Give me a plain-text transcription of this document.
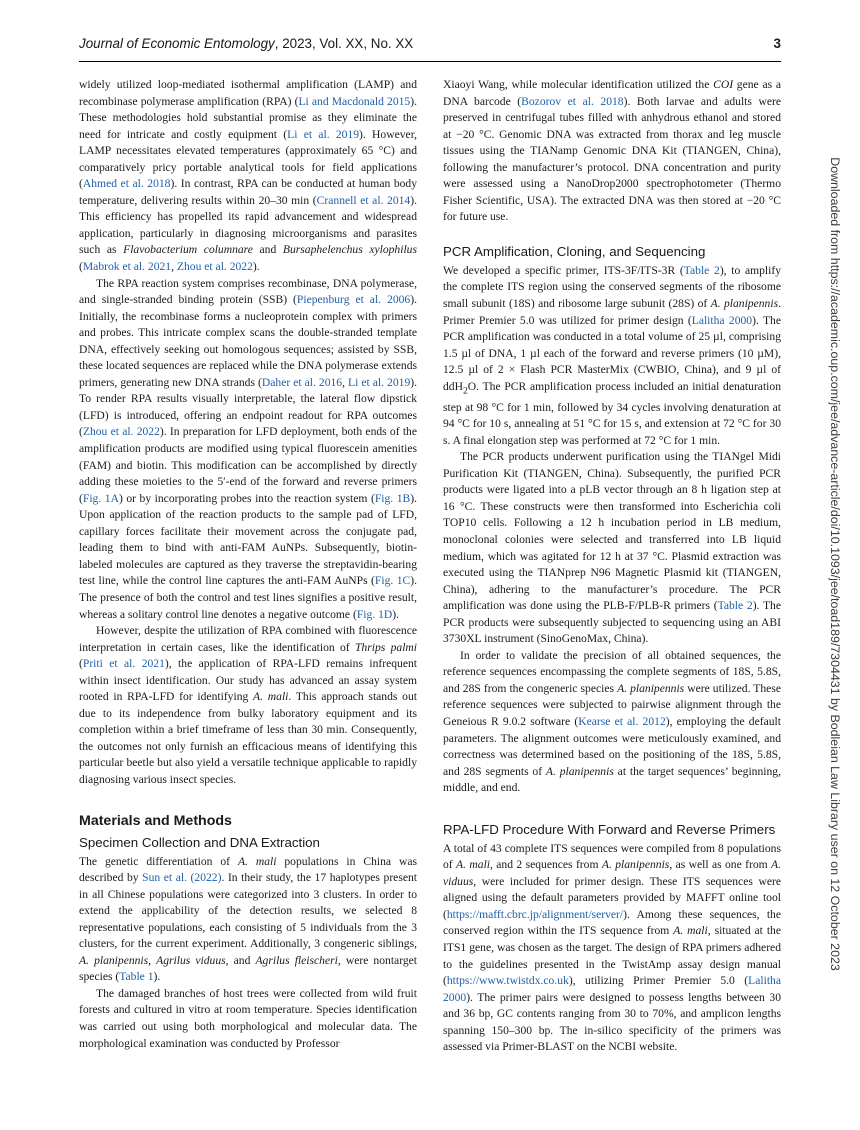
Journal of Economic Entomology, 2023, Vol. XX, No. XX	3

widely utilized loop-mediated isothermal amplification (LAMP) and recombinase polymerase amplification (RPA) (Li and Macdonald 2015). These methodologies hold substantial promise as they eliminate the need for intricate and costly equipment (Li et al. 2019). However, LAMP necessitates elevated temperatures (approximately 65 °C) and comparatively pricy portable analytical tools for field applications (Ahmed et al. 2018). In contrast, RPA can be conducted at human body temperature, delivering results within 20–30 min (Crannell et al. 2014). This efficiency has propelled its rapid advancement and widespread application, particularly in diagnosing microorganisms and parasites such as Flavobacterium columnare and Bursaphelenchus xylophilus (Mabrok et al. 2021, Zhou et al. 2022).

The RPA reaction system comprises recombinase, DNA polymerase, and single-stranded binding protein (SSB) (Piepenburg et al. 2006). Initially, the recombinase forms a nucleoprotein complex with primers and probes. This intricate complex scans the double-stranded template DNA, effectively seeking out homologous sequences; assisted by SSB, these located sequences are replaced while the DNA polymerase extends primers, generating new DNA strands (Daher et al. 2016, Li et al. 2019). To render RPA results visually interpretable, the lateral flow dipstick (LFD) is introduced, offering an endpoint readout for RPA outcomes (Zhou et al. 2022). In preparation for LFD deployment, both ends of the amplification products are modified using typical fluorescein amenities (FAM) and biotin. This modification can be accomplished by directly adding these moieties to the 5′-end of the forward and reverse primers (Fig. 1A) or by incorporating probes into the reaction system (Fig. 1B). Upon application of the reaction products to the sample pad of LFD, capillary forces facilitate their movement across the conjugate pad, leading them to bind with anti-FAM AuNPs. Subsequently, biotin-labeled molecules are captured as they traverse the streptavidin-bearing test line, while the control line captures the anti-FAM AuNPs (Fig. 1C). The presence of both the control and test lines signifies a positive result, whereas a solitary control line denotes a negative outcome (Fig. 1D).

However, despite the utilization of RPA combined with fluorescence interpretation in certain cases, like the identification of Thrips palmi (Priti et al. 2021), the application of RPA-LFD remains infrequent within insect identification. Our study has advanced an assay system rooted in RPA-LFD for identifying A. mali. This approach stands out due to its independence from bulky laboratory equipment and its completion within a brief timeframe of less than 30 min. Consequently, the outcomes not only furnish an efficacious means of identifying this particular beetle but also yield a versatile technique applicable to rapidly diagnosing various insect species.

Materials and Methods
Specimen Collection and DNA Extraction

The genetic differentiation of A. mali populations in China was described by Sun et al. (2022). In their study, the 17 haplotypes present in all Chinese populations were categorized into 3 clusters. In order to extend the applicability of the detection results, we selected 8 representative populations, each consisting of 5 individuals from the 3 clusters, for the current experiment. Additionally, 3 congeneric siblings, A. planipennis, Agrilus viduus, and Agrilus fleischeri, were nontarget species (Table 1).

The damaged branches of host trees were collected from wild fruit forests and cultured in vitro at room temperature. Species identification was carried out using both morphological and molecular data. The morphological examination was conducted by Professor

Xiaoyi Wang, while molecular identification utilized the COI gene as a DNA barcode (Bozorov et al. 2018). Both larvae and adults were preserved in centrifugal tubes filled with anhydrous ethanol and stored at −20 °C. Genomic DNA was extracted from thorax and leg muscle tissues using the TIANamp Genomic DNA Kit (TIANGEN, China), following the manufacturer’s protocol. DNA concentration and purity were assessed using a NanoDrop2000 spectrophotometer (Thermo Fisher Scientific, USA). The extracted DNA was then stored at −20 °C for future use.

PCR Amplification, Cloning, and Sequencing

We developed a specific primer, ITS-3F/ITS-3R (Table 2), to amplify the complete ITS region using the conserved segments of the ribosome small subunit (18S) and ribosome large subunit (28S) of A. planipennis. Primer Premier 5.0 was utilized for primer design (Lalitha 2000). The PCR amplification was conducted in a total volume of 25 µl, comprising 1.5 µl of DNA, 1 µl each of the forward and reverse primers (10 µM), 12.5 µl of 2 × Flash PCR MasterMix (CWBIO, China), and 9 µl of ddH$_2$O. The PCR amplification process included an initial denaturation step at 98 °C for 1 min, followed by 34 cycles involving denaturation at 94 °C for 10 s, annealing at 51 °C for 15 s, and extension at 72 °C for 30 s. A final elongation step was performed at 72 °C for 1 min.

The PCR products underwent purification using the TIANgel Midi Purification Kit (TIANGEN, China). Subsequently, the purified PCR products were ligated into a pLB vector through an 8 h ligation step at 16 °C. These constructs were then transformed into Escherichia coli TOP10 cells. Following a 12 h incubation period in LB medium, monoclonal colonies were selected and transferred into LB liquid medium, which was agitated for 12 h at 37 °C. Plasmid extraction was executed using the TIANprep N96 Magnetic Plasmid kit (TIANGEN, China), adhering to the manufacturer’s procedure. The PCR amplification was done using the PLB-F/PLB-R primers (Table 2). The PCR products were subsequently subjected to sequencing using an ABI 3730XL instrument (SinoGenoMax, China).

In order to validate the precision of all obtained sequences, the reference sequences encompassing the complete segments of 18S, 5.8S, and 28S from the congeneric species A. planipennis were utilized. These reference sequences were subjected to pairwise alignment through the Geneious R 9.0.2 software (Kearse et al. 2012), employing the default parameters. The alignment outcomes were meticulously examined, and correctness was determined based on the positioning of the 18S, 5.8S, and 28S segments of A. planipennis at the target sequences’ beginning, middle, and end.

RPA-LFD Procedure With Forward and Reverse Primers

A total of 43 complete ITS sequences were compiled from 8 populations of A. mali, and 2 sequences from A. planipennis, as well as one from A. viduus, were included for primer design. These ITS sequences were aligned using the default parameters provided by MAFFT online tool (https://mafft.cbrc.jp/alignment/server/). Among these sequences, the conserved region within the ITS sequence from A. mali, situated at the ITS1 gene, was chosen as the target. The design of RPA primers adhered to the guidelines presented in the TwistAmp assay design manual (https://www.twistdx.co.uk), utilizing Primer Premier 5.0 (Lalitha 2000). The primer pairs were designed to possess lengths between 30 and 36 bp, GC contents ranging from 30 to 70%, and amplicon lengths spanning 150–300 bp. The in-silico specificity of the primers was assessed via Primer-BLAST on the NCBI website.

Downloaded from https://academic.oup.com/jee/advance-article/doi/10.1093/jee/toad189/7304431 by Bodleian Law Library user on 12 October 2023
